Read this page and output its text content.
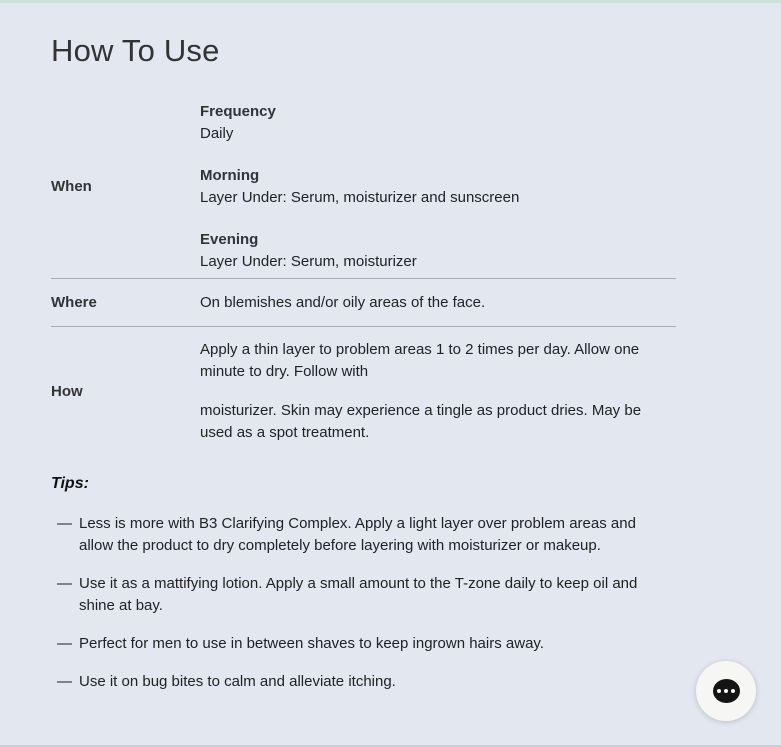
How To Use
When
Frequency
Daily
Morning
Layer Under: Serum, moisturizer and sunscreen
Evening
Layer Under: Serum, moisturizer
Where	On blemishes and/or oily areas of the face.
How

Apply a thin layer to problem areas 1 to 2 times per day. Allow one minute to dry. Follow with

moisturizer. Skin may experience a tingle as product dries. May be used as a spot treatment.

Tips:
— Less is more with B3 Clarifying Complex. Apply a light layer over problem areas and allow the product to dry completely before layering with moisturizer or makeup.
— Use it as a mattifying lotion. Apply a small amount to the T-zone daily to keep oil and shine at bay.
— Perfect for men to use in between shaves to keep ingrown hairs away.
— Use it on bug bites to calm and alleviate itching.
